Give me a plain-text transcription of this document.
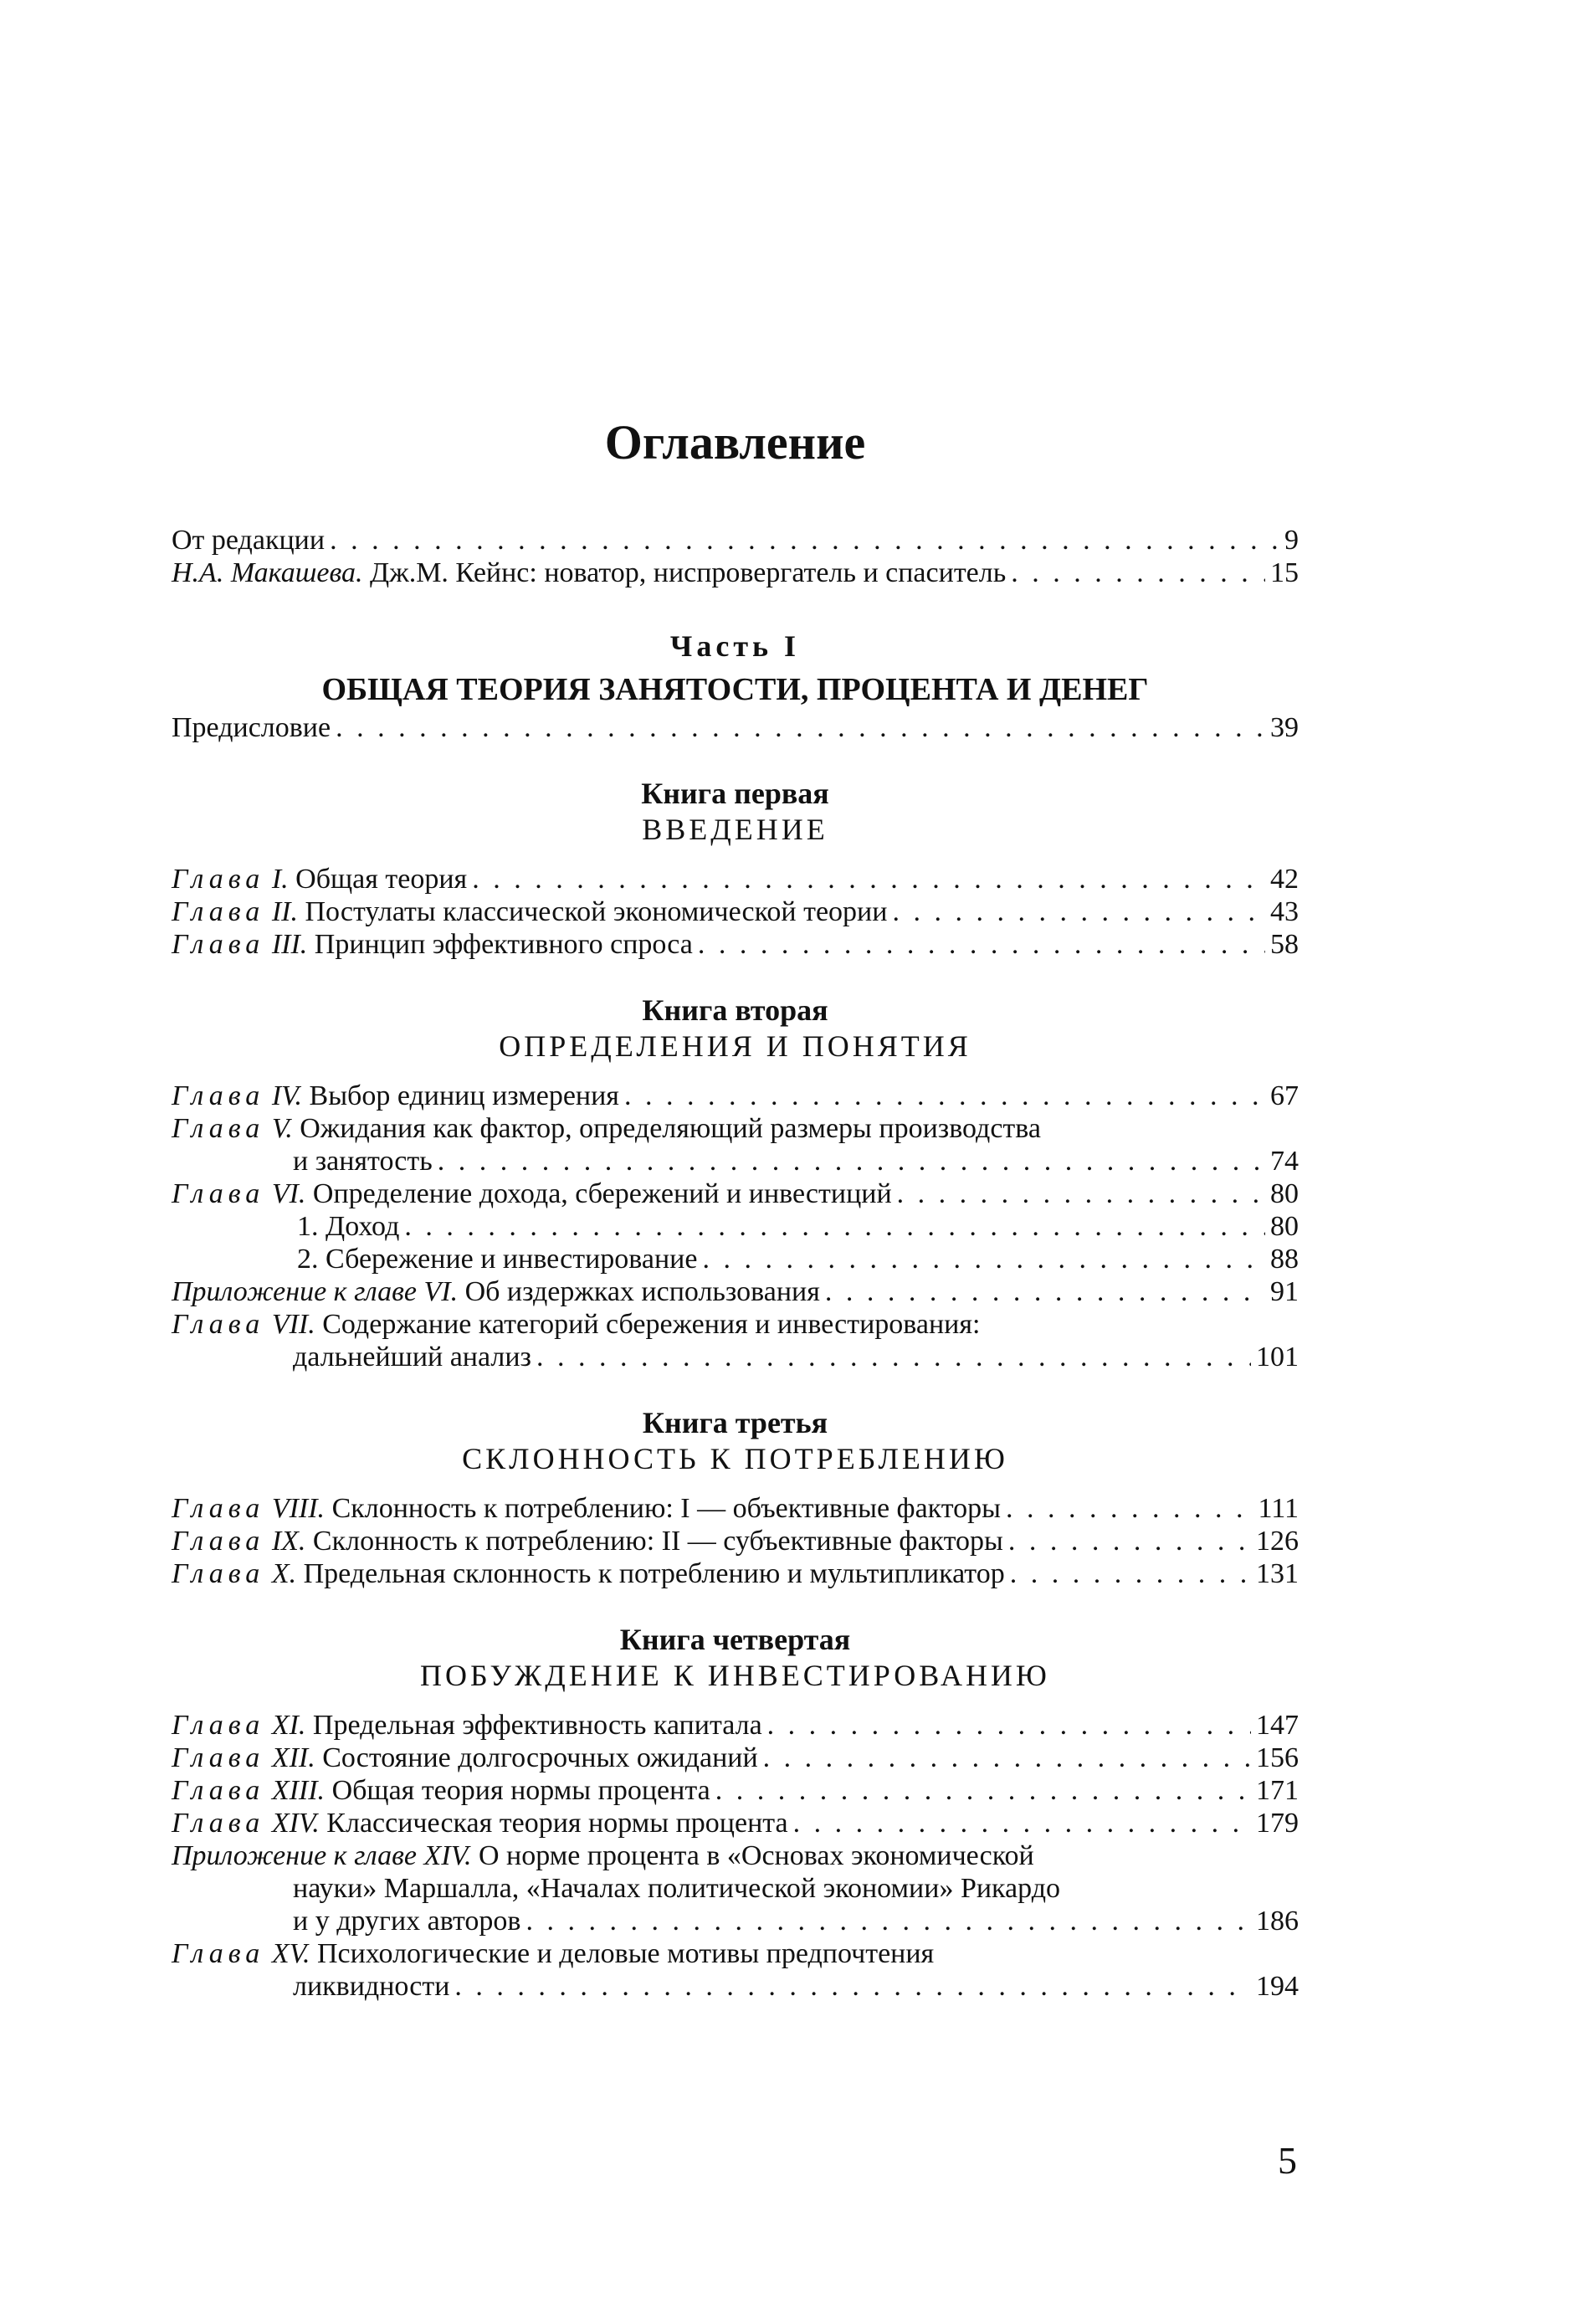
Оглавление
От редакции . . .	9
Н.А. Макашева. Дж.М. Кейнс: новатор, ниспровергатель и спаситель . . .	15
Часть I
ОБЩАЯ ТЕОРИЯ ЗАНЯТОСТИ, ПРОЦЕНТА И ДЕНЕГ
Предисловие . . .	39
Книга первая
ВВЕДЕНИЕ
Глава I. Общая теория . . .	42
Глава II. Постулаты классической экономической теории . . .	43
Глава III. Принцип эффективного спроса . . .	58
Книга вторая
ОПРЕДЕЛЕНИЯ И ПОНЯТИЯ
Глава IV. Выбор единиц измерения . . .	67
Глава V. Ожидания как фактор, определяющий размеры производства
и занятость . . .	74
Глава VI. Определение дохода, сбережений и инвестиций . . .	80
1. Доход . . .	80
2. Сбережение и инвестирование . . .	88
Приложение к главе VI. Об издержках использования . . .	91
Глава VII. Содержание категорий сбережения и инвестирования:
дальнейший анализ . . .	101
Книга третья
СКЛОННОСТЬ К ПОТРЕБЛЕНИЮ
Глава VIII. Склонность к потреблению: I — объективные факторы . . .	111
Глава IX. Склонность к потреблению: II — субъективные факторы . . .	126
Глава X. Предельная склонность к потреблению и мультипликатор . . .	131
Книга четвертая
ПОБУЖДЕНИЕ К ИНВЕСТИРОВАНИЮ
Глава XI. Предельная эффективность капитала . . .	147
Глава XII. Состояние долгосрочных ожиданий . . .	156
Глава XIII. Общая теория нормы процента . . .	171
Глава XIV. Классическая теория нормы процента . . .	179
Приложение к главе XIV. О норме процента в «Основах экономической
науки» Маршалла, «Началах политической экономии» Рикардо
и у других авторов . . .	186
Глава XV. Психологические и деловые мотивы предпочтения
ликвидности . . .	194
5
